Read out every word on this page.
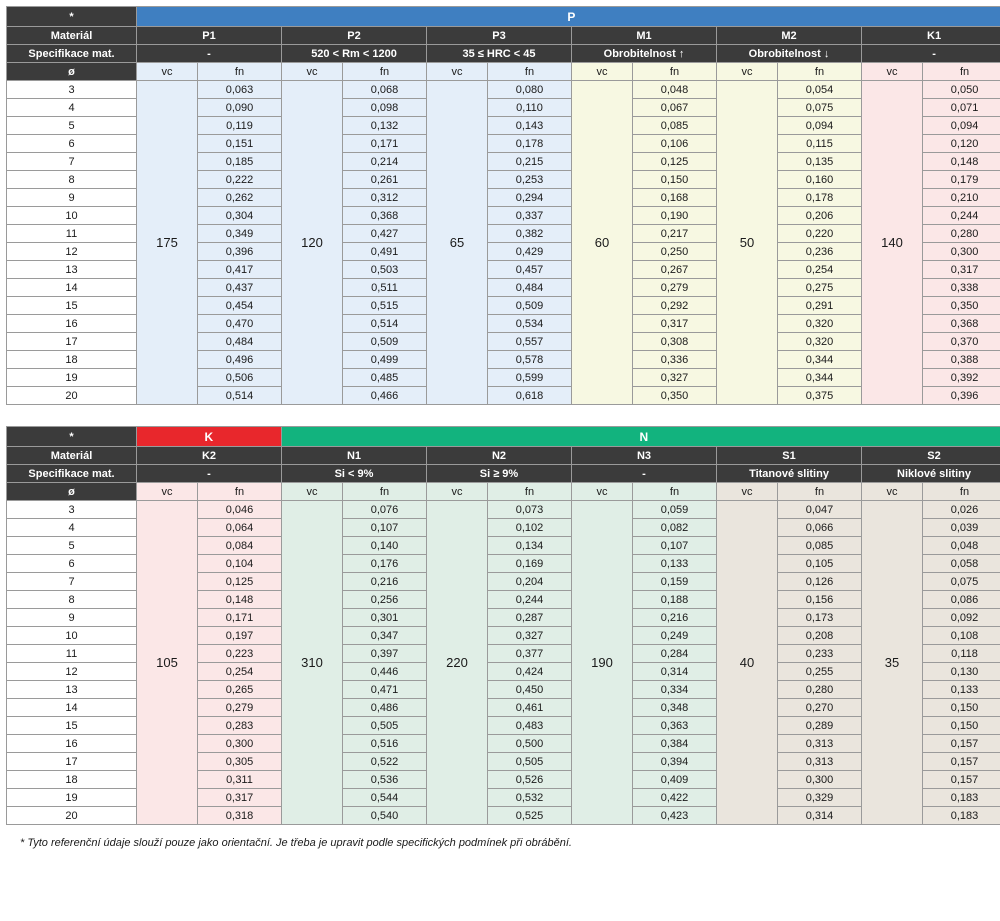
*	P		
Materiál	P1		P2		P3		M1		M2		K1		
Specifikace mat.	-		520 < Rm < 1200		35 ≤ HRC < 45		Obrobitelnost ↑		Obrobitelnost ↓		-		
ø	vc	fn	vc	fn	vc	fn	vc	fn	vc	fn	vc	fn	
3	175	0,063	120	0,068	65	0,080	60	0,048	50	0,054	140	0,050	
4		0,090		0,098		0,110		0,067		0,075		0,071	
5		0,119		0,132		0,143		0,085		0,094		0,094	
6		0,151		0,171		0,178		0,106		0,115		0,120	
7		0,185		0,214		0,215		0,125		0,135		0,148	
8		0,222		0,261		0,253		0,150		0,160		0,179	
9		0,262		0,312		0,294		0,168		0,178		0,210	
10		0,304		0,368		0,337		0,190		0,206		0,244	
11		0,349		0,427		0,382		0,217		0,220		0,280	
12		0,396		0,491		0,429		0,250		0,236		0,300	
13		0,417		0,503		0,457		0,267		0,254		0,317	
14		0,437		0,511		0,484		0,279		0,275		0,338	
15		0,454		0,515		0,509		0,292		0,291		0,350	
16		0,470		0,514		0,534		0,317		0,320		0,368	
17		0,484		0,509		0,557		0,308		0,320		0,370	
18		0,496		0,499		0,578		0,336		0,344		0,388	
19		0,506		0,485		0,599		0,327		0,344		0,392	
20		0,514		0,466		0,618		0,350		0,375		0,396	
*	K		N	
Materiál	K2		N1		N2		N3		S1		S2		
Specifikace mat.	-		Si < 9%		Si ≥ 9%		-		Titanové slitiny		Niklové slitiny		
ø	vc	fn	vc	fn	vc	fn	vc	fn	vc	fn	vc	fn	
3	105	0,046	310	0,076	220	0,073	190	0,059	40	0,047	35	0,026	
4		0,064		0,107		0,102		0,082		0,066		0,039	
5		0,084		0,140		0,134		0,107		0,085		0,048	
6		0,104		0,176		0,169		0,133		0,105		0,058	
7		0,125		0,216		0,204		0,159		0,126		0,075	
8		0,148		0,256		0,244		0,188		0,156		0,086	
9		0,171		0,301		0,287		0,216		0,173		0,092	
10		0,197		0,347		0,327		0,249		0,208		0,108	
11		0,223		0,397		0,377		0,284		0,233		0,118	
12		0,254		0,446		0,424		0,314		0,255		0,130	
13		0,265		0,471		0,450		0,334		0,280		0,133	
14		0,279		0,486		0,461		0,348		0,270		0,150	
15		0,283		0,505		0,483		0,363		0,289		0,150	
16		0,300		0,516		0,500		0,384		0,313		0,157	
17		0,305		0,522		0,505		0,394		0,313		0,157	
18		0,311		0,536		0,526		0,409		0,300		0,157	
19		0,317		0,544		0,532		0,422		0,329		0,183	
20		0,318		0,540		0,525		0,423		0,314		0,183	
* Tyto referenční údaje slouží pouze jako orientační. Je třeba je upravit podle specifických podmínek při obrábění.
